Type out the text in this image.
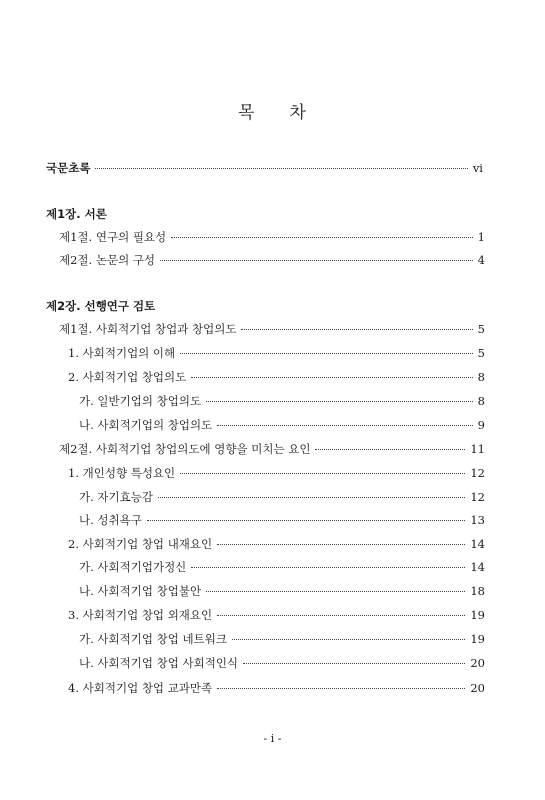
목 차
국문초록	vi
제1장. 서론
제1절. 연구의 필요성	1
제2절. 논문의 구성	4
제2장. 선행연구 검토
제1절. 사회적기업 창업과 창업의도	5
1. 사회적기업의 이해	5
2. 사회적기업 창업의도	8
가. 일반기업의 창업의도	8
나. 사회적기업의 창업의도	9
제2절. 사회적기업 창업의도에 영향을 미치는 요인	11
1. 개인성향 특성요인	12
가. 자기효능감	12
나. 성취욕구	13
2. 사회적기업 창업 내재요인	14
가. 사회적기업가정신	14
나. 사회적기업 창업불안	18
3. 사회적기업 창업 외재요인	19
가. 사회적기업 창업 네트워크	19
나. 사회적기업 창업 사회적인식	20
4. 사회적기업 창업 교과만족	20
- i -
